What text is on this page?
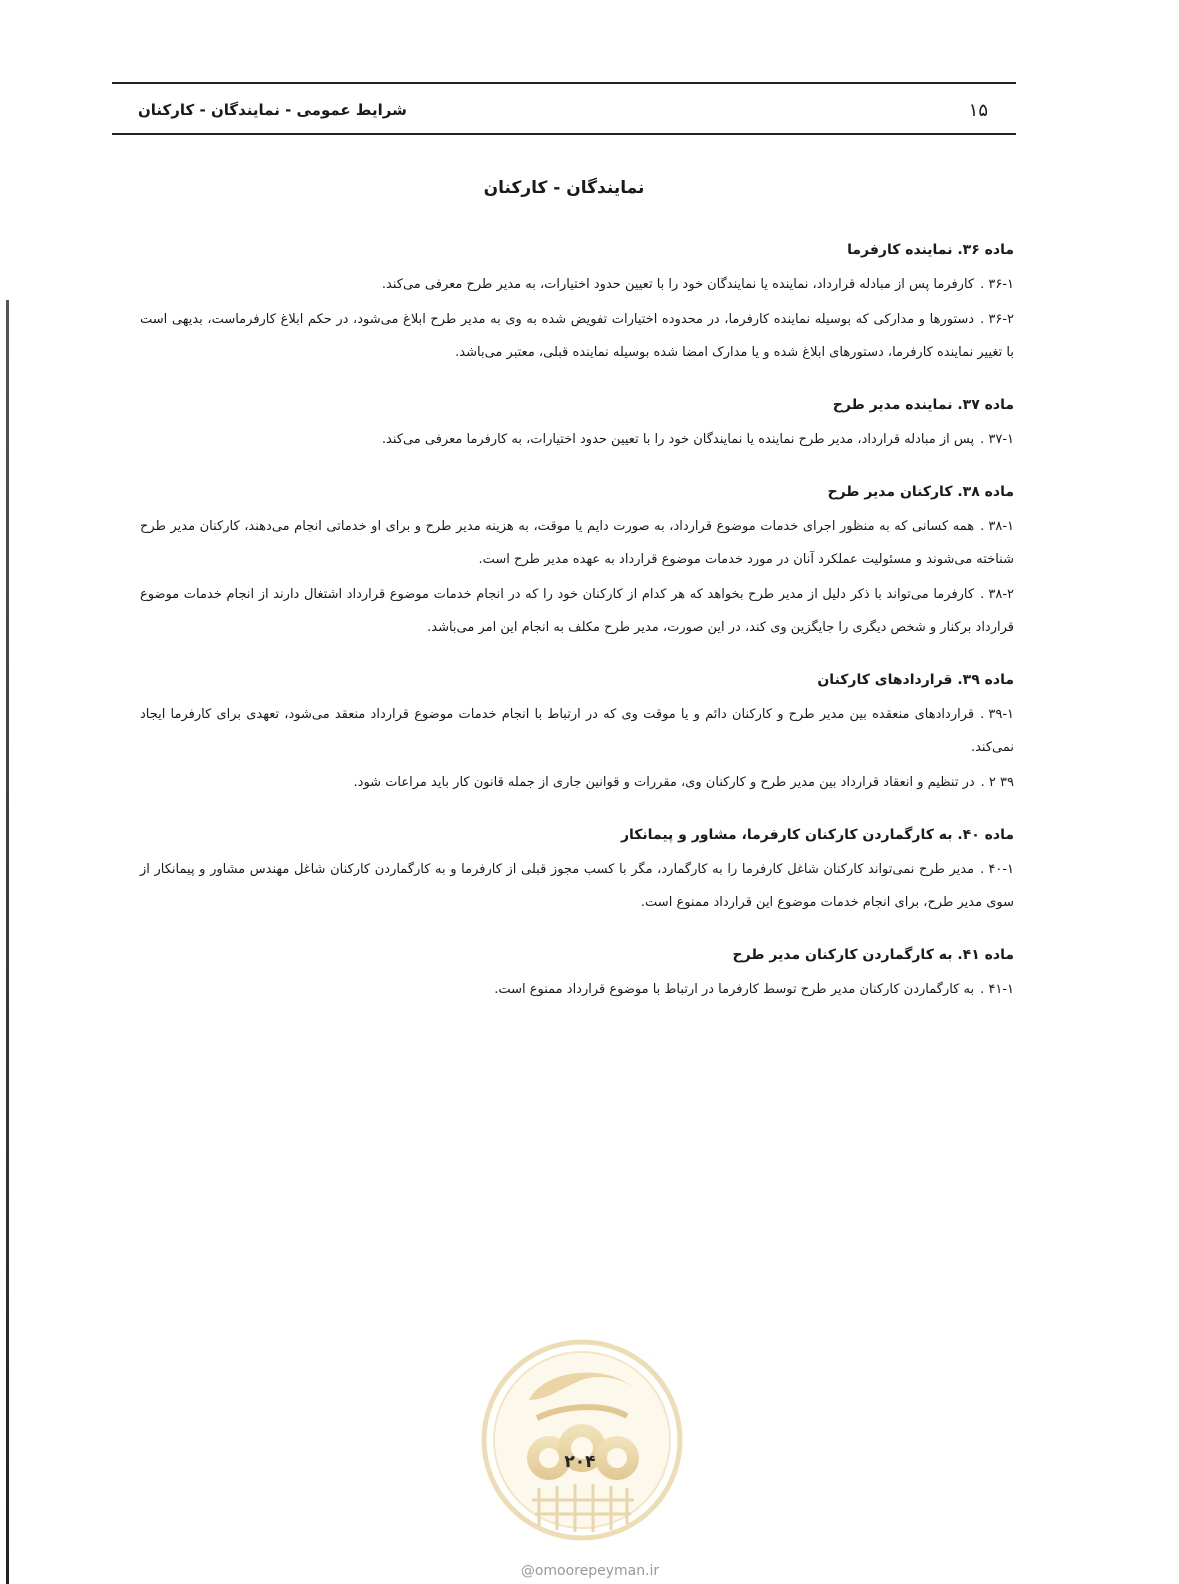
شرایط عمومی - نمایندگان - کارکنان	۱۵
نمایندگان - کارکنان
ماده ۳۶. نماینده کارفرما
۳۶-۱ .کارفرما پس از مبادله قرارداد، نماینده یا نمایندگان خود را با تعیین حدود اختیارات، به مدیر طرح معرفی می‌کند.
۳۶-۲ .دستورها و مدارکی که بوسیله نماینده کارفرما، در محدوده اختیارات تفویض شده به وی به مدیر طرح ابلاغ می‌شود، در حکم ابلاغ کارفرماست، بدیهی است با تغییر نماینده کارفرما، دستورهای ابلاغ شده و یا مدارک امضا شده بوسیله نماینده قبلی، معتبر می‌باشد.
ماده ۳۷. نماینده مدیر طرح
۳۷-۱ .پس از مبادله قرارداد، مدیر طرح نماینده یا نمایندگان خود را با تعیین حدود اختیارات، به کارفرما معرفی می‌کند.
ماده ۳۸. کارکنان مدیر طرح
۳۸-۱ .همه کسانی که به منظور اجرای خدمات موضوع قرارداد، به صورت دایم یا موقت، به هزینه مدیر طرح و برای او خدماتی انجام می‌دهند، کارکنان مدیر طرح شناخته می‌شوند و مسئولیت عملکرد آنان در مورد خدمات موضوع قرارداد به عهده مدیر طرح است.
۳۸-۲ .کارفرما می‌تواند با ذکر دلیل از مدیر طرح بخواهد که هر کدام از کارکنان خود را که در انجام خدمات موضوع قرارداد اشتغال دارند از انجام خدمات موضوع قرارداد برکنار و شخص دیگری را جایگزین وی کند، در این صورت، مدیر طرح مکلف به انجام این امر می‌باشد.
ماده ۳۹. قراردادهای کارکنان
۳۹-۱ .قراردادهای منعقده بین مدیر طرح و کارکنان دائم و یا موقت وی که در ارتباط با انجام خدمات موضوع قرارداد منعقد می‌شود، تعهدی برای کارفرما ایجاد نمی‌کند.
۳۹ ۲ .در تنظیم و انعقاد قرارداد بین مدیر طرح و کارکنان وی، مقررات و قوانین جاری از جمله قانون کار باید مراعات شود.
ماده ۴۰. به کارگماردن کارکنان کارفرما، مشاور و پیمانکار
۴۰-۱ .مدیر طرح نمی‌تواند کارکنان شاغل کارفرما را به کارگمارد، مگر با کسب مجوز قبلی از کارفرما و به کارگماردن کارکنان شاغل مهندس مشاور و پیمانکار از سوی مدیر طرح، برای انجام خدمات موضوع این قرارداد ممنوع است.
ماده ۴۱. به کارگماردن کارکنان مدیر طرح
۴۱-۱ .به کارگماردن کارکنان مدیر طرح توسط کارفرما در ارتباط با موضوع قرارداد ممنوع است.
۲۰۴
@omoorepeyman.ir
